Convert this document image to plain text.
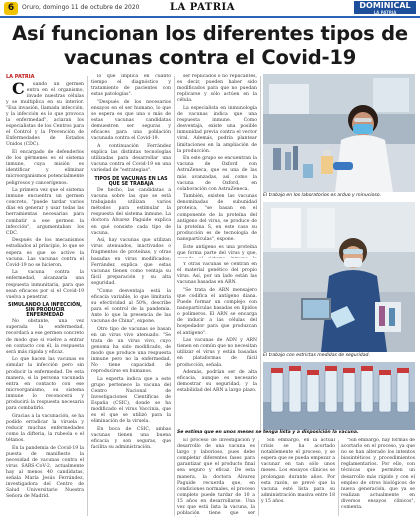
6	Oruro, domingo 11 de octubre de 2020	LA PATRIA	DOMINICAL
LA PATRIA
Así funcionan los diferentes tipos de vacunas contra el Covid-19

LA PATRIA

C uando un germen entra en el organismo, invade nuestras células y se multiplica en su interior. "Esa invasión, llamada infección, y la infección es lo que provoca la enfermedad", aclaran los especialistas de los Centros para el Control y la Prevención de Enfermedades de Estados Unidos (CDC).

El encargado de defenderlos de los gérmenes es el sistema inmune, cuya misión es identificar y eliminar microorganismos potencialmente peligrosos y cancerígenos.

La primera vez que el sistema inmune encuentra un germen concreto, "puede tardar varios días en generar y usar todas las herramientas necesarias para combatir a ese germen la infección", argumentaban los CDC.

Después de los mecanismos estudiados al principio, lo que se espera es que se active la vacuna. Las vacunas contra el Covid-19 no se hicieron.

La vacuna contra la enfermedad, alcanzaría una respuesta inmunitaria, para que sean eficaces por si el Covid-19 vuelva a penetrar.

SIMULANDO LA INFECCIÓN, SIN PRODUCIR ENFERMEDAD

No obstante, una vez superada la enfermedad, recordará a ese germen concreto de modo que si vuelve a entrar en contacto con él, la respuesta será más rápida y eficaz.

Lo que hacen las vacunas es simular la infección pero sin producir la enfermedad. De esta manera, si la persona vacunada entra en contacto con ese microorganismo, su sistema inmune lo reconocerá y producirá la respuesta necesaria para combatirlo.

Gracias a la vacunación, se ha podido erradicar la viruela y reducir muchas enfermedades como la difteria, la rubeola o el tétanos.

En la pandemia de Covid-19 la puesta de manifiesto la necesidad de vacunas contra el virus SARS-CoV-2, actualmente hay al menos 40 candidatas, señala María Jesús Ferrández, investigadora del Centro de Salud Universitario Nuestra Señora de Madrid.

lo que implica en cuanto tiempo el diagnóstico y tratamiento de pacientes con estas patologías".

"Después de los necesarios ensayos en el ser humano, lo que se espera es que una o más de estas vacunas candidatas demuestren ser seguras y eficaces para una población vacunada contra el Covid-19.

A continuación Ferrández explica las distintas tecnologías utilizadas para desarrollar una vacuna contra el Covid-19 en una variedad de "estrategias".

TIPOS DE VACUNAS EN LAS QUE SE TRABAJA

De hecho, las candidatas a vacuna sobre las que se está trabajando utilizan varios métodos para estimular la respuesta del sistema inmune. La doctora Álvarez Paguide explica en qué consiste cada tipo de vacuna.

Así, hay vacunas que utilizan virus atenuados, inactivados o fragmentos de proteínas, y otras basadas en virus modificados; Ferrández explica que estas vacunas tienen como ventaja su fácil preparación y su alta seguridad.

"Como desventaja está la eficacia variable, lo que limitaría su efectividad al 50%, describe para el control de la pandemia. Ante lo que la presencia de las vacunas de China", expone.

Otro tipo de vacunas se basan en un virus vivo atenuado. "Se trata de un virus vivo, cuyo genoma ha sido modificado, de modo que produce una respuesta inmune pero no la enfermedad. No tiene capacidad de reproducirse en humanos.

La experta indica que a este grupo pertenece la vacuna del Centro Nacional de Investigaciones Científicas de España (CSIC), donde se ha modificado el virus Vaccinia, que es el que se utilizó para la eliminación de la viruela.

En boca de CSIC, ambas vacunas tienen una buena eficacia y son seguras, que facilita su administración.

ser replicados o no replicantes, es decir, pueden haber sido modificados para que no puedan replicarse y sólo actúen en la célula.

La especialista en inmunología de vacunas indica que una respuesta inmune. Como desventaja, existe una posible inmunidad previa contra el vector viral. Además, podría plantear limitaciones en la ampliación de la producción.

En este grupo se encuentran la vacuna de Oxford con AstraZeneca, que es una de las más avanzadas, así como la vacuna de Oxford, en colaboración con AstraZeneca.

También, existen las vacunas denominadas de subunidad proteica, "se basan en el componente de la proteína del antígeno del virus, se produce de la proteína S, en este caso su producción es de tecnología de nanopartículas", expone.

Este antígeno es una proteína que forma parte del virus y que,

Y otras vacunas se centran en el material genético del propio virus. Así, por un lado están las vacunas basadas en ARN.

"Se trata de ARN mensajero que codifica el antígeno diana. Puede formar un complejo con nanopartículas basadas en lípidos o polímeros. El ARN se encarga de inducir a las células del hospedador para que produzcan el antígeno".

Las vacunas de ADN y ARN tienen en común que no necesitan utilizar el virus y están basadas en plataformas de fácil producción, señala.

Además, podrían ser de alta eficacia, aunque es necesario demostrar su seguridad, y la estabilidad del ARN a largo plazo.

El trabajo en los laboratorios es arduo y minucioso.
El trabajo con estrictas medidas de seguridad.
Se estima que en unos meses se tenga lista y a disposición la vacuna.

El proceso de investigación y desarrollo de una vacuna es largo y laborioso, pues debe completar diferentes fases para garantizar que el producto final sea seguro y eficaz. De esta manera, la doctora Álvarez Paguide recuerda que, en condiciones normales, el proceso completo puede tardar de 10 a 15 años en desarrollarse. Una vez que está lista la vacuna, la población tiene que ser

Sin embargo, en la actual crisis se ha acortado notablemente el proceso, y se espera que se pueda empezar a vacunar en tan sólo unos meses. Los ensayos clínicos se prolongan durante años. Por esta razón, se prevé que la vacuna esté lista para su administración masiva entre 18 y 15 años.

"Sin embargo, hay formas de acortarlo en el proceso, ya que no se han alterado los intentos biosintéticos y procedimientos reglamentarios. Por ello, con técnicas que permiten un desarrollo más rápido y con el empleo de otros biológicos de nueva generación, que ya se realizan actualmente en diversos ensayos clínicos", comenta.
